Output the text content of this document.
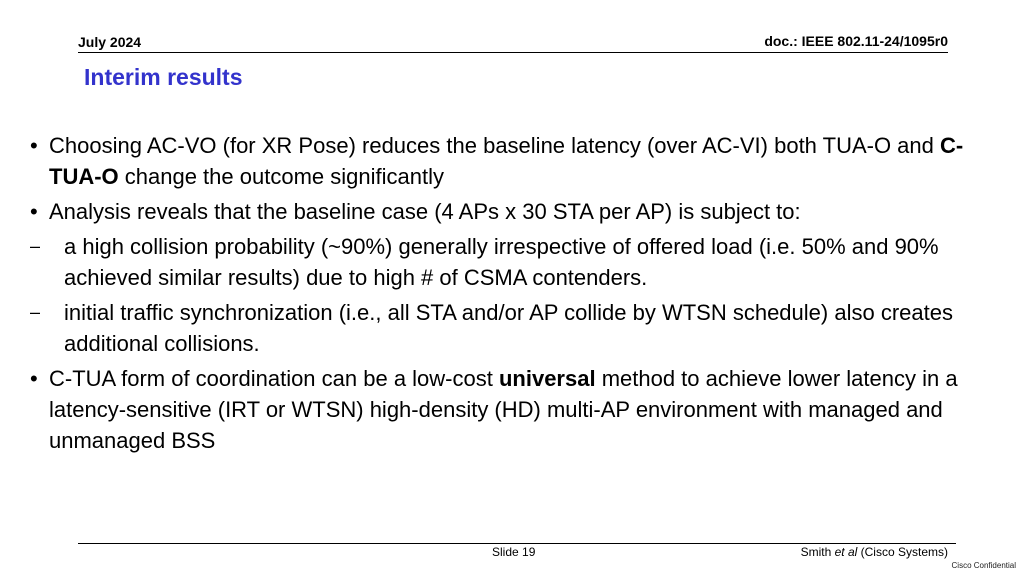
July 2024	doc.: IEEE 802.11-24/1095r0
Interim results
• Choosing AC-VO (for XR Pose) reduces the baseline latency (over AC-VI) both TUA-O and C-TUA-O change the outcome significantly
• Analysis reveals that the baseline case (4 APs x 30 STA per AP) is subject to:
– a high collision probability (~90%) generally irrespective of offered load (i.e. 50% and 90% achieved similar results) due to high # of CSMA contenders.
– initial traffic synchronization (i.e., all STA and/or AP collide by WTSN schedule) also creates additional collisions.
• C-TUA form of coordination can be a low-cost universal method to achieve lower latency in a latency-sensitive (IRT or WTSN) high-density (HD) multi-AP environment with managed and unmanaged BSS
Slide 19	Smith et al (Cisco Systems)
Cisco Confidential
